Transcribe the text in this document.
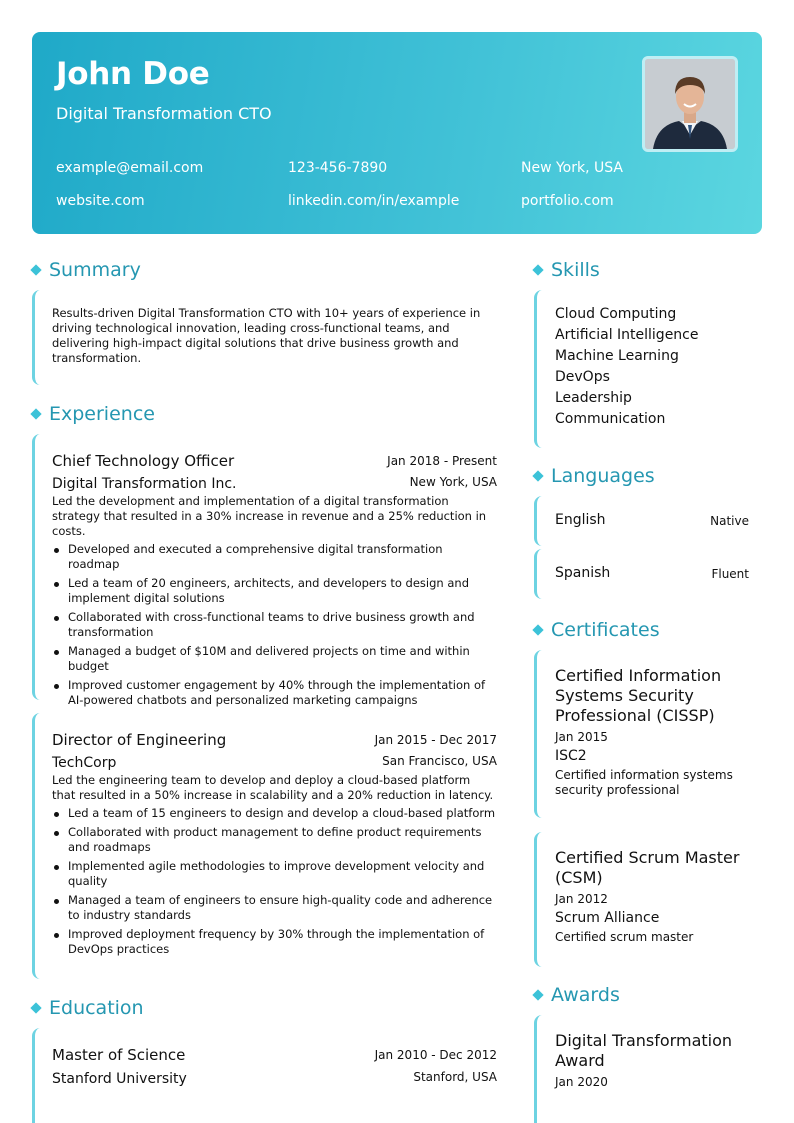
John Doe
Digital Transformation CTO
example@email.com	123-456-7890	New York, USA
website.com	linkedin.com/in/example	portfolio.com
Summary
Results-driven Digital Transformation CTO with 10+ years of experience in driving technological innovation, leading cross-functional teams, and delivering high-impact digital solutions that drive business growth and transformation.
Experience
Chief Technology Officer	Jan 2018 - Present
Digital Transformation Inc.	New York, USA
Led the development and implementation of a digital transformation strategy that resulted in a 30% increase in revenue and a 25% reduction in costs.
Developed and executed a comprehensive digital transformation roadmap
Led a team of 20 engineers, architects, and developers to design and implement digital solutions
Collaborated with cross-functional teams to drive business growth and transformation
Managed a budget of $10M and delivered projects on time and within budget
Improved customer engagement by 40% through the implementation of AI-powered chatbots and personalized marketing campaigns
Director of Engineering	Jan 2015 - Dec 2017
TechCorp	San Francisco, USA
Led the engineering team to develop and deploy a cloud-based platform that resulted in a 50% increase in scalability and a 20% reduction in latency.
Led a team of 15 engineers to design and develop a cloud-based platform
Collaborated with product management to define product requirements and roadmaps
Implemented agile methodologies to improve development velocity and quality
Managed a team of engineers to ensure high-quality code and adherence to industry standards
Improved deployment frequency by 30% through the implementation of DevOps practices
Education
Master of Science	Jan 2010 - Dec 2012
Stanford University	Stanford, USA
Skills
Cloud Computing
Artificial Intelligence
Machine Learning
DevOps
Leadership
Communication
Languages
English	Native
Spanish	Fluent
Certificates
Certified Information Systems Security Professional (CISSP)
Jan 2015
ISC2
Certified information systems security professional
Certified Scrum Master (CSM)
Jan 2012
Scrum Alliance
Certified scrum master
Awards
Digital Transformation Award
Jan 2020
